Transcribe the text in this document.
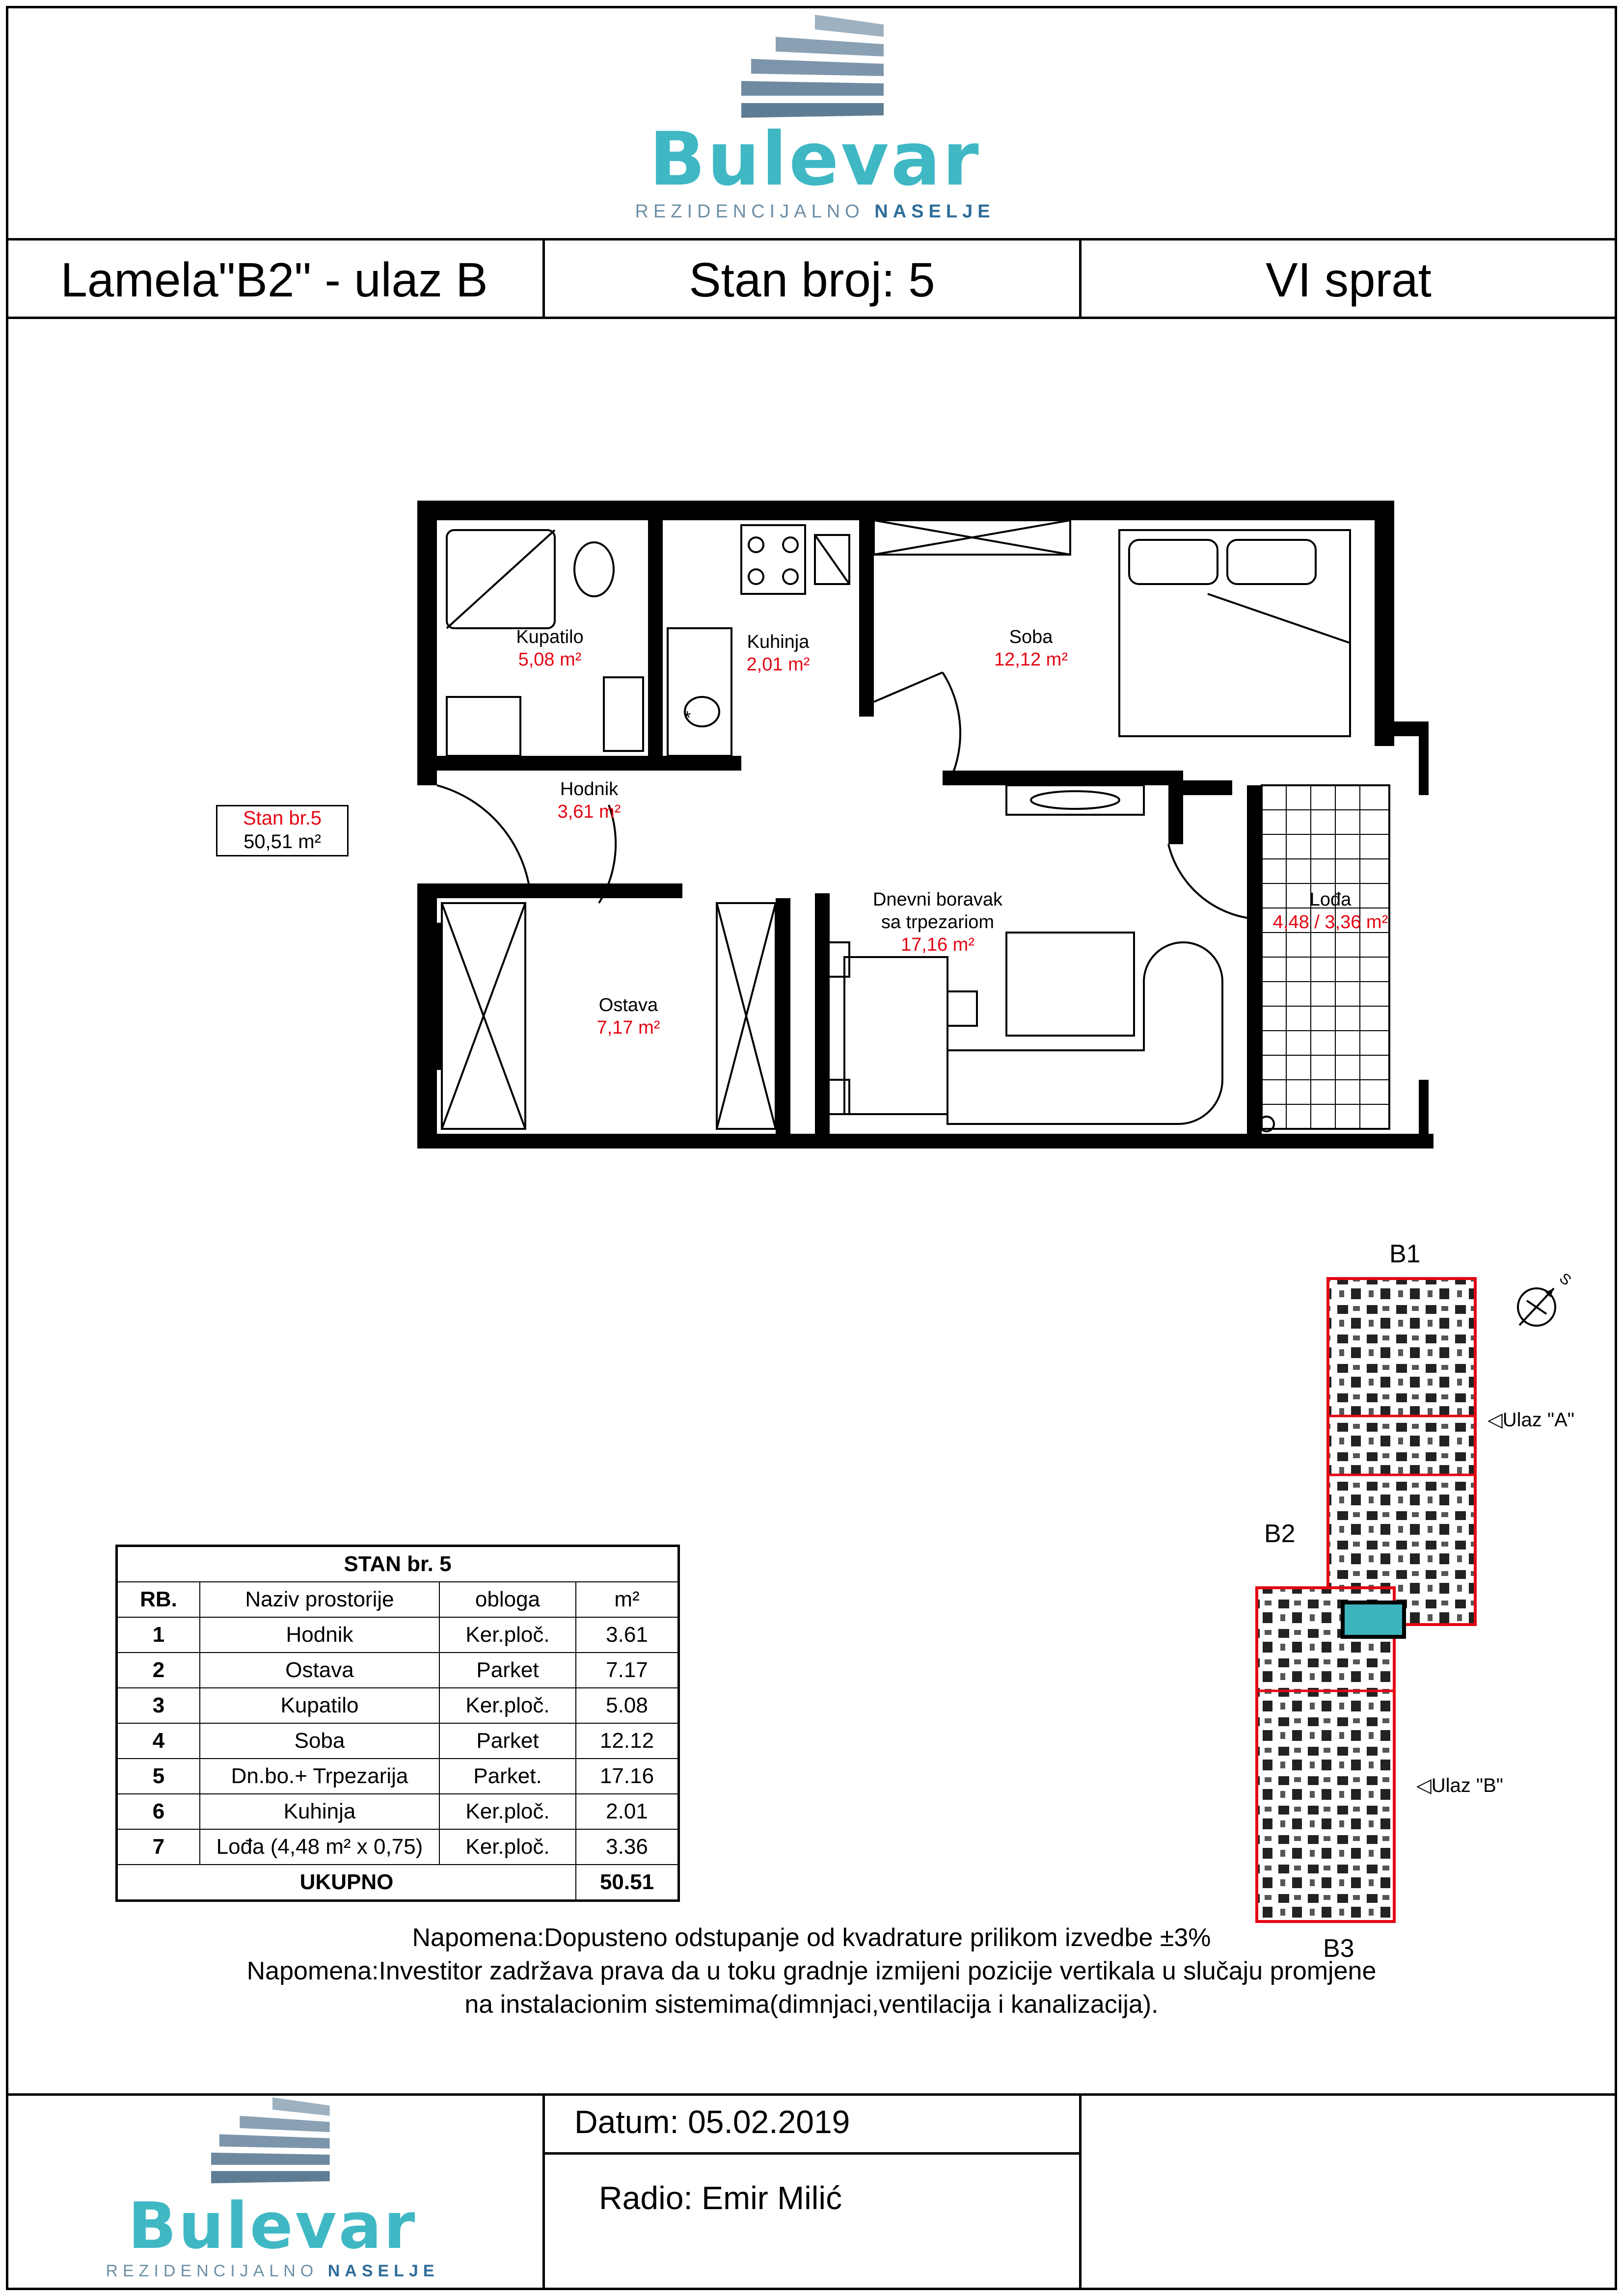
Bulevar
REZIDENCIJALNO NASELJE
Lamela"B2" - ulaz B	Stan broj: 5	VI sprat
Kupatilo
5,08 m²
Kuhinja
2,01 m²
Soba
12,12 m²
Hodnik
3,61 m²
Dnevni boravak
sa trpezariom
17,16 m²
Lođa
4,48 / 3,36 m²
Ostava
7,17 m²
*
Stan br.5
50,51 m²
STAN br. 5			
RB.	Naziv prostorije	obloga	m²
1	Hodnik	Ker.ploč.	3.61
2	Ostava	Parket	7.17
3	Kupatilo	Ker.ploč.	5.08
4	Soba	Parket	12.12
5	Dn.bo.+ Trpezarija	Parket.	17.16
6	Kuhinja	Ker.ploč.	2.01
7	Lođa (4,48 m² x 0,75)	Ker.ploč.	3.36
UKUPNO			50.51
B1
B2
B3
◁Ulaz "A"
◁Ulaz "B"
S
Napomena:Dopusteno odstupanje od kvadrature prilikom izvedbe ±3%
Napomena:Investitor zadržava prava da u toku gradnje izmijeni pozicije vertikala u slučaju promjene
na instalacionim sistemima(dimnjaci,ventilacija i kanalizacija).
Bulevar
REZIDENCIJALNO NASELJE
Datum: 05.02.2019
Radio: Emir Milić
